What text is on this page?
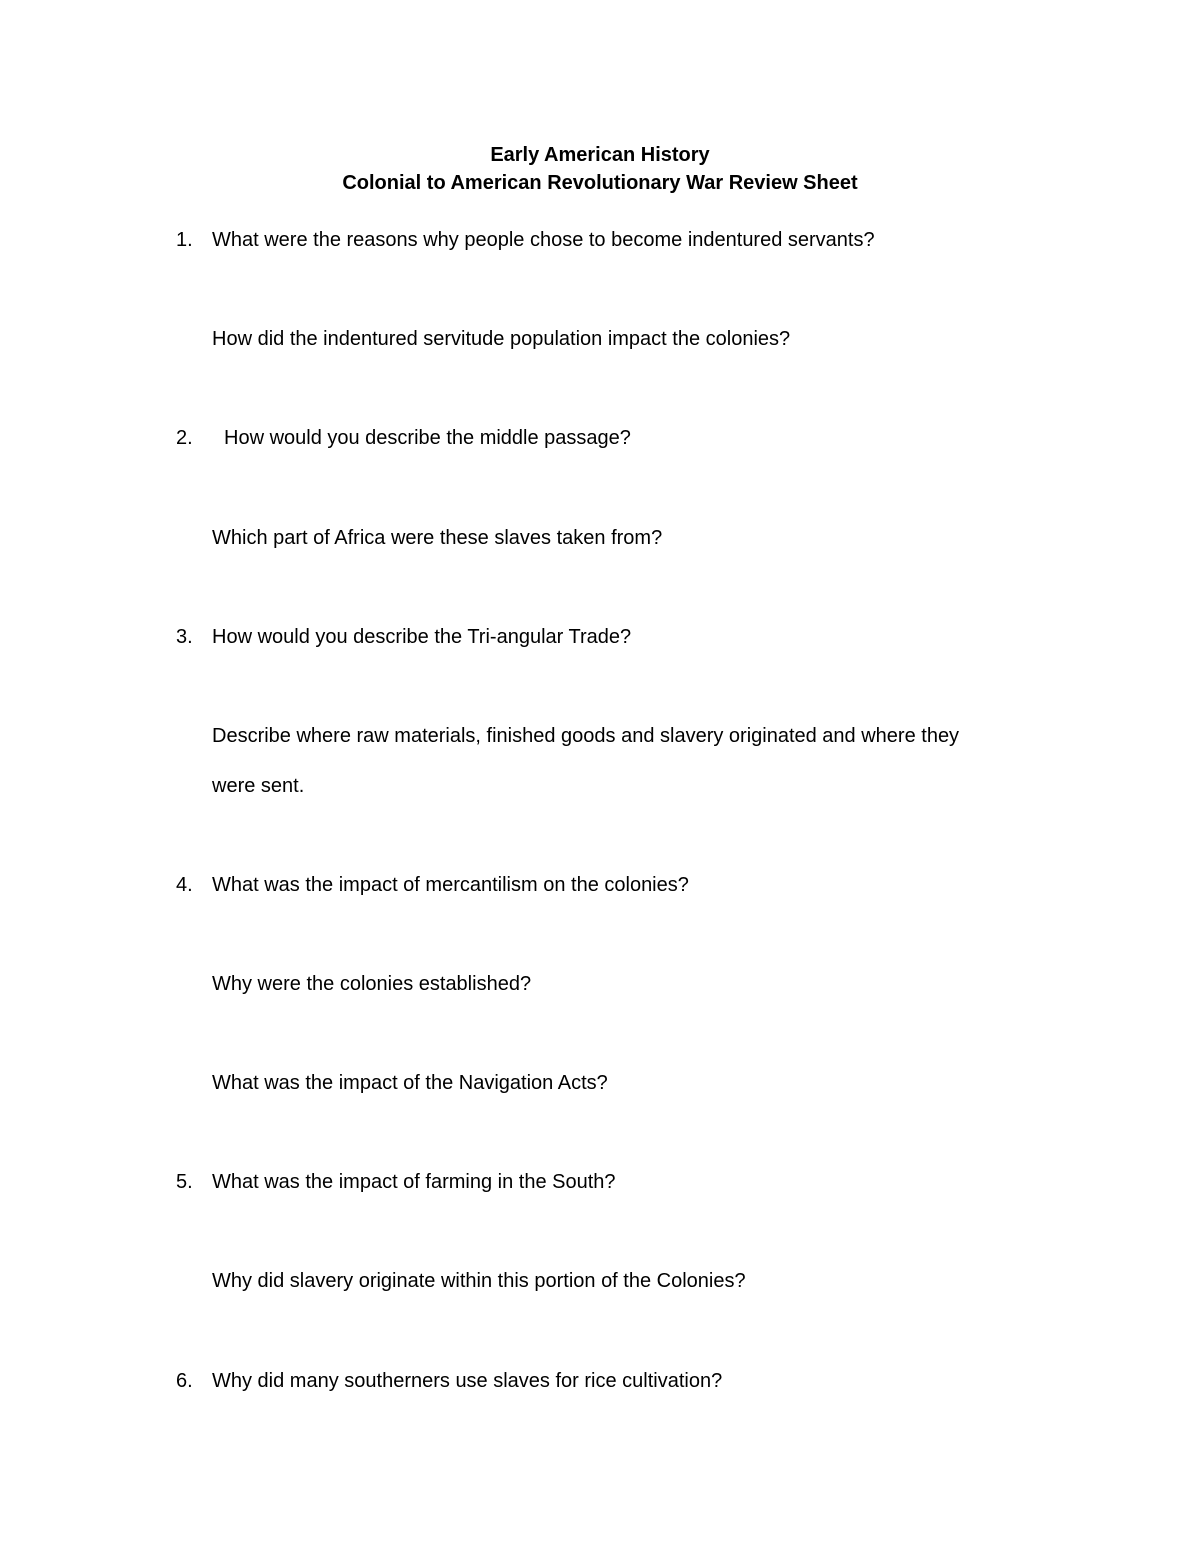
Early American History
Colonial to American Revolutionary War Review Sheet
1. What were the reasons why people chose to become indentured servants?
How did the indentured servitude population impact the colonies?
2. How would you describe the middle passage?
Which part of Africa were these slaves taken from?
3. How would you describe the Tri-angular Trade?
Describe where raw materials, finished goods and slavery originated and where they
were sent.
4. What was the impact of mercantilism on the colonies?
Why were the colonies established?
What was the impact of the Navigation Acts?
5. What was the impact of farming in the South?
Why did slavery originate within this portion of the Colonies?
6. Why did many southerners use slaves for rice cultivation?
